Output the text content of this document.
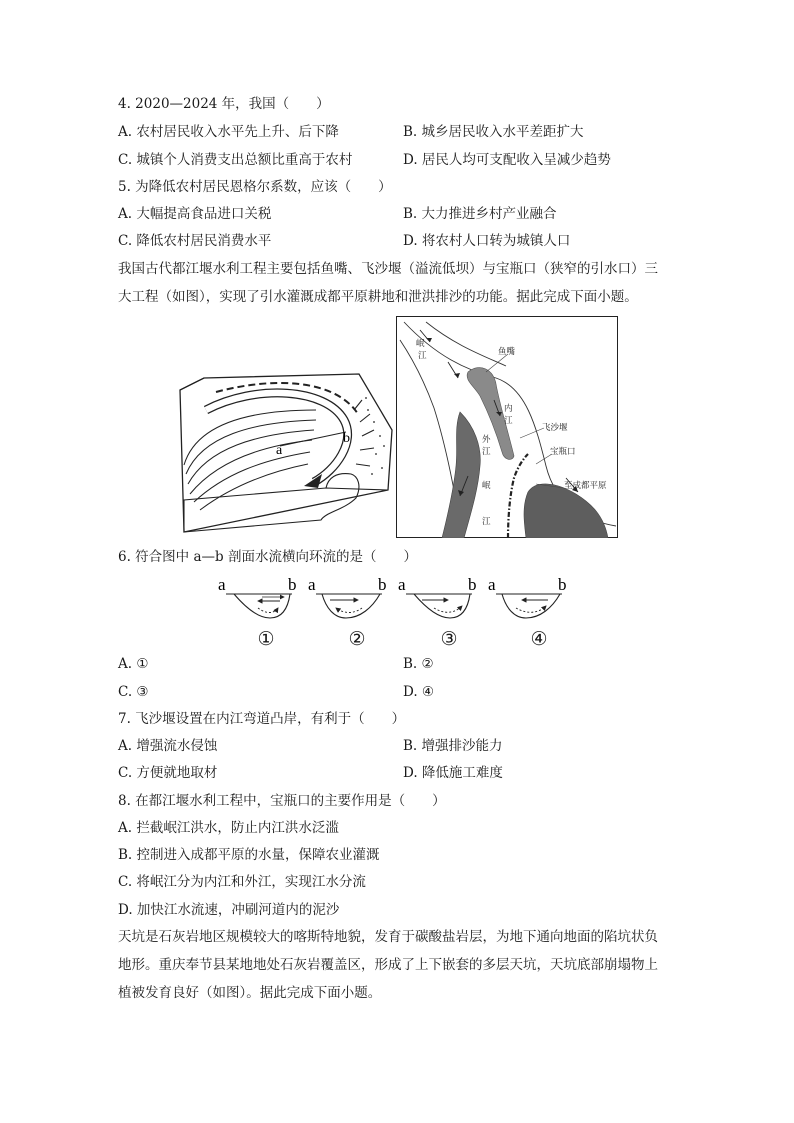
4. 2020—2024 年，我国（　　）
A. 农村居民收入水平先上升、后下降	B. 城乡居民收入水平差距扩大
C. 城镇个人消费支出总额比重高于农村	D. 居民人均可支配收入呈减少趋势
5. 为降低农村居民恩格尔系数，应该（　　）
A. 大幅提高食品进口关税	B. 大力推进乡村产业融合
C. 降低农村居民消费水平	D. 将农村人口转为城镇人口
我国古代都江堰水利工程主要包括鱼嘴、飞沙堰（溢流低坝）与宝瓶口（狭窄的引水口）三
大工程（如图），实现了引水灌溉成都平原耕地和泄洪排沙的功能。据此完成下面小题。
a
b
岷
江	鱼嘴
内
江
飞沙堰
外
江	宝瓶口
岷
江
至成都平原
6. 符合图中 a—b 剖面水流横向环流的是（　　）
a	b a	b a	b a	b
①	②	③	④
A. ①	B. ②
C. ③	D. ④
7. 飞沙堰设置在内江弯道凸岸，有利于（　　）
A. 增强流水侵蚀	B. 增强排沙能力
C. 方便就地取材	D. 降低施工难度
8. 在都江堰水利工程中，宝瓶口的主要作用是（　　）
A. 拦截岷江洪水，防止内江洪水泛滥
B. 控制进入成都平原的水量，保障农业灌溉
C. 将岷江分为内江和外江，实现江水分流
D. 加快江水流速，冲刷河道内的泥沙
天坑是石灰岩地区规模较大的喀斯特地貌，发育于碳酸盐岩层，为地下通向地面的陷坑状负
地形。重庆奉节县某地地处石灰岩覆盖区，形成了上下嵌套的多层天坑，天坑底部崩塌物上
植被发育良好（如图）。据此完成下面小题。
